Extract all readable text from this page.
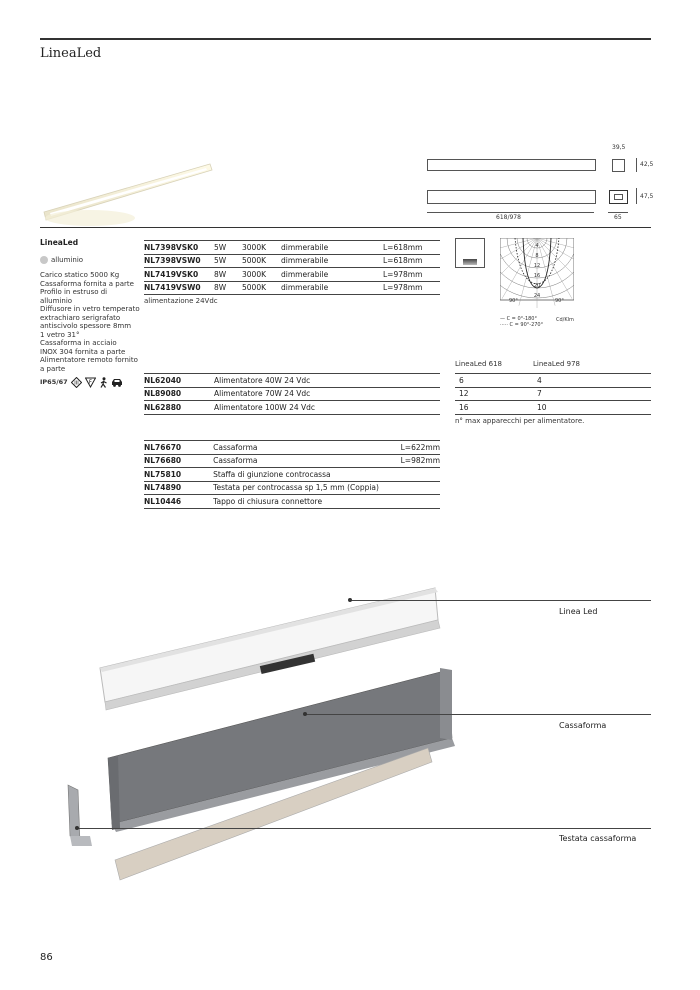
LineaLed
39,5
42,5
47,5
618/978	65
LineaLed
alluminio
Carico statico 5000 Kg
Cassaforma fornita a parte
Profilo in estruso di alluminio
Diffusore in vetro temperato
extrachiaro serigrafato
antiscivolo spessore 8mm
1 vetro 31°
Cassaforma in acciaio
INOX 304 fornita a parte
Alimentatore remoto fornito
a parte
IP65/67 III F
NL7398VSK0	5W	3000K	dimmerabile	L=618mm
NL7398VSW0	5W	5000K	dimmerabile	L=618mm
NL7419VSK0	8W	3000K	dimmerabile	L=978mm
NL7419VSW0	8W	5000K	dimmerabile	L=978mm
alimentazione 24Vdc
24
20
16
12
8
4
90°	90°
— C = 0°-180°
····· C = 90°-270°
Cd/Klm
NL62040	Alimentatore 40W 24 Vdc
NL89080	Alimentatore 70W 24 Vdc
NL62880	Alimentatore 100W 24 Vdc
LineaLed 618	LineaLed 978
6	4
12	7
16	10
n° max apparecchi per alimentatore.
NL76670	Cassaforma	L=622mm
NL76680	Cassaforma	L=982mm
NL75810	Staffa di giunzione controcassa	
NL74890	Testata per controcassa sp 1,5 mm (Coppia)	
NL10446	Tappo di chiusura connettore	
Linea Led
Cassaforma
Testata cassaforma
86
